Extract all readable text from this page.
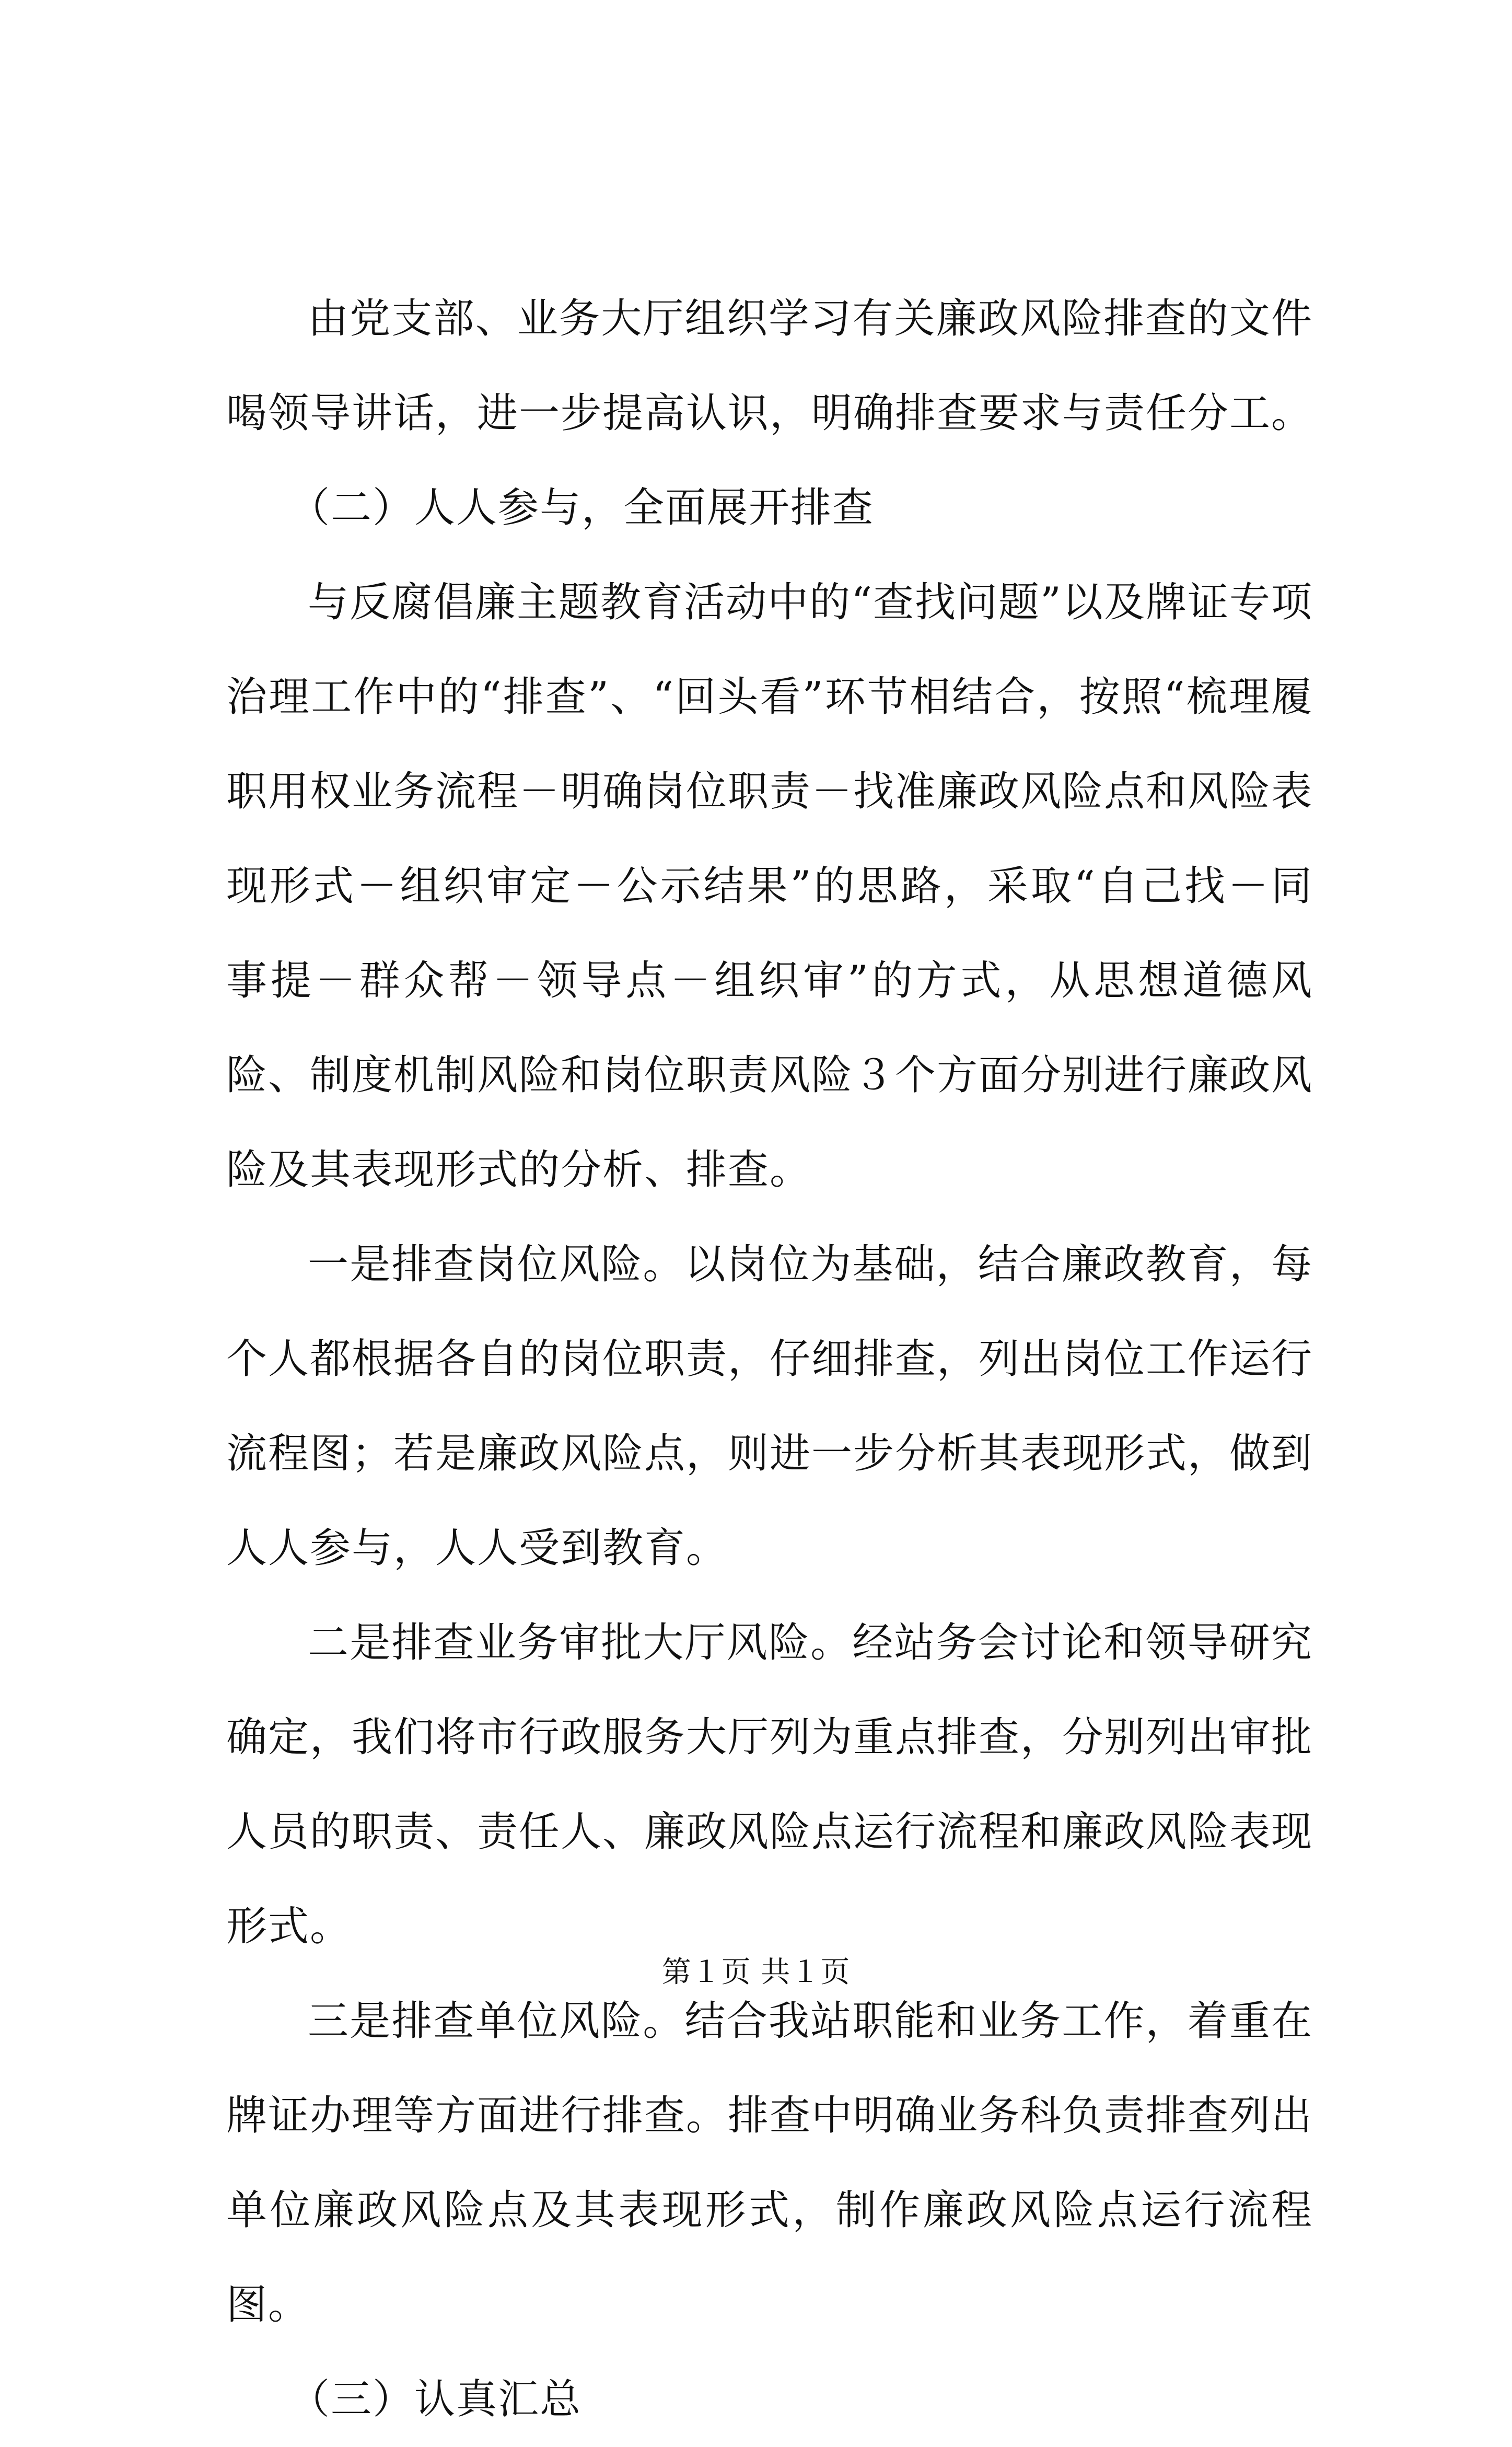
由党支部、业务大厅组织学习有关廉政风险排查的文件喝领导讲话，进一步提高认识，明确排查要求与责任分工。

（二）人人参与，全面展开排查

与反腐倡廉主题教育活动中的“查找问题”以及牌证专项治理工作中的“排查”、“回头看”环节相结合，按照“梳理履职用权业务流程－明确岗位职责－找准廉政风险点和风险表现形式－组织审定－公示结果”的思路，采取“自己找－同事提－群众帮－领导点－组织审”的方式，从思想道德风险、制度机制风险和岗位职责风险３个方面分别进行廉政风险及其表现形式的分析、排查。

一是排查岗位风险。以岗位为基础，结合廉政教育，每个人都根据各自的岗位职责，仔细排查，列出岗位工作运行流程图；若是廉政风险点，则进一步分析其表现形式，做到人人参与，人人受到教育。

二是排查业务审批大厅风险。经站务会讨论和领导研究确定，我们将市行政服务大厅列为重点排查，分别列出审批人员的职责、责任人、廉政风险点运行流程和廉政风险表现形式。

三是排查单位风险。结合我站职能和业务工作，着重在牌证办理等方面进行排查。排查中明确业务科负责排查列出单位廉政风险点及其表现形式，制作廉政风险点运行流程图。

（三）认真汇总

第１页 共１页
